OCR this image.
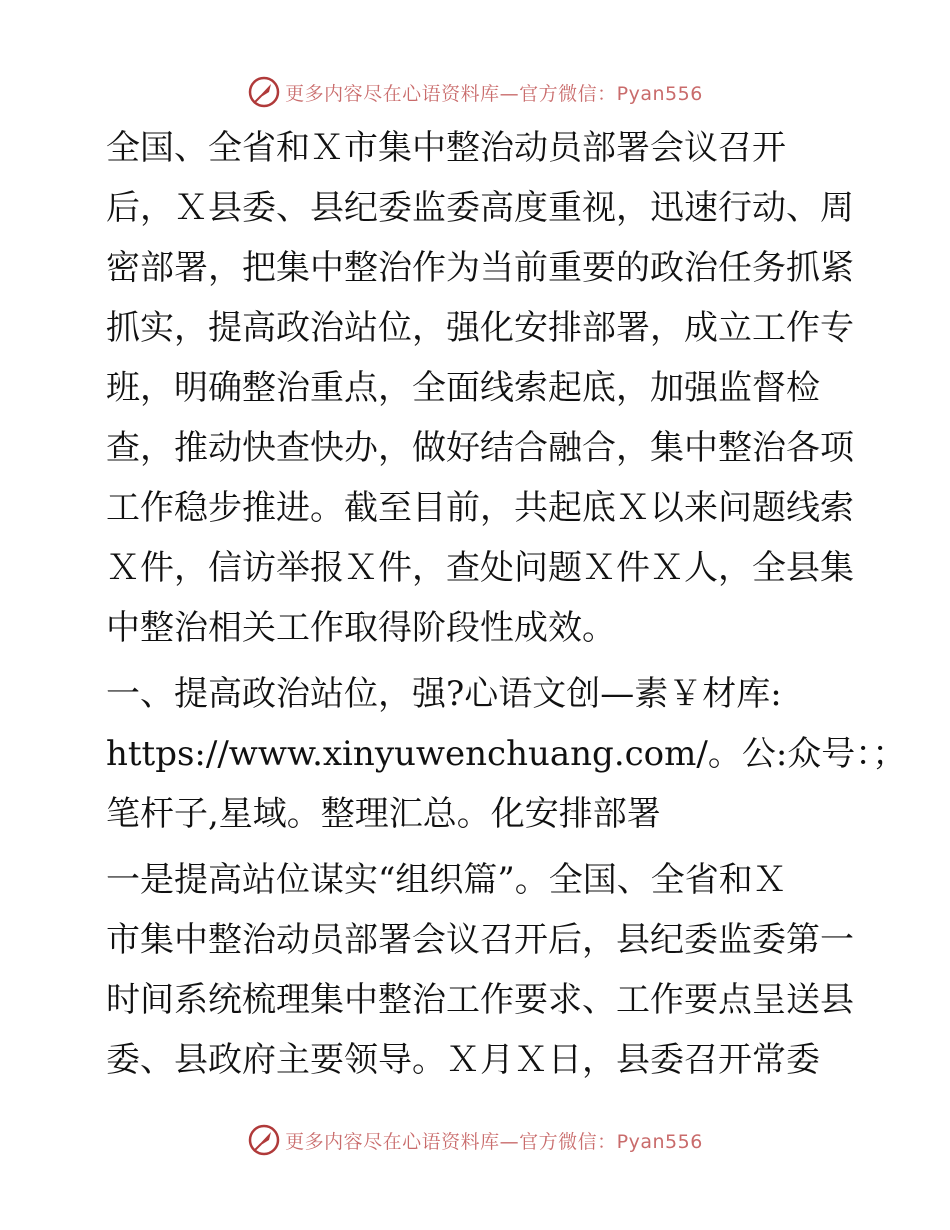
更多内容尽在心语资料库—官方微信：Pyan556

全国、全省和Ｘ市集中整治动员部署会议召开
后，Ｘ县委、县纪委监委高度重视，迅速行动、周
密部署，把集中整治作为当前重要的政治任务抓紧
抓实，提高政治站位，强化安排部署，成立工作专
班，明确整治重点，全面线索起底，加强监督检
查，推动快查快办，做好结合融合，集中整治各项
工作稳步推进。截至目前，共起底Ｘ以来问题线索
Ｘ件，信访举报Ｘ件，查处问题Ｘ件Ｘ人，全县集
中整治相关工作取得阶段性成效。

一、提高政治站位，强?心语文创—素￥材库:
https://www.xinyuwenchuang.com/。公:众号：；
笔杆子,星域。整理汇总。化安排部署

一是提高站位谋实“组织篇”。全国、全省和Ｘ
市集中整治动员部署会议召开后，县纪委监委第一
时间系统梳理集中整治工作要求、工作要点呈送县
委、县政府主要领导。Ｘ月Ｘ日，县委召开常委

更多内容尽在心语资料库—官方微信：Pyan556
